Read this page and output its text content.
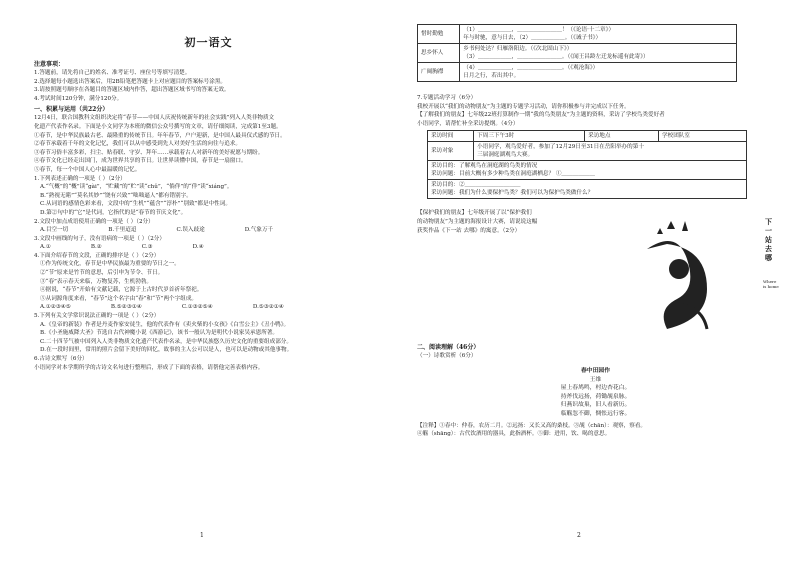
初一语文
注意事项：
1.答题前，请先将自己的姓名、准考证号、座位号等填写清楚。
2.选择题每小题选出答案后，用2B铅笔把答题卡上对应题目的答案标号涂黑。
3.请按照题号顺序在各题目的答题区域内作答，超出答题区域书写的答案无效。
4.考试时间120分钟，满分120分。
一、积累与运用（共22分）
12月4日，联合国教科文组织决定将“春节——中国人庆祝传统新年的社会实践”列入人类非物质文
化遗产代表作名录。下面是小文同学为本班的微信公众号撰写的文章，请仔细阅读，完成第1至3题。
①春节，是中华民族最古老、最隆重的传统节日。年年春节，户户迎新，是中国人最具仪式感的节日。
②春节承载着千年的文化记忆，我们可以从中感受到先人对美好生活的向往与追求。
③春节习俗丰富多彩，扫尘、贴春联、守岁、拜年……承载着古人对新年的美好祝愿与期盼。
④春节文化已经走出国门，成为世界共享的节日。让世界读懂中国，春节是一扇窗口。
⑤春节，每一个中国人心中最温暖的记忆。
1.下列表述正确的一项是（ ）（2分）
A.“气概”的“概”读“gài”，“贮藏”的“贮”读“chǔ”，“倘佯”的“佯”读“xiáng”。
B.“熟视无睹”“莫名其妙”“饶有兴致”“咄咄逼人”都有错别字。
C.从词语的感情色彩来看，文段中的“生机”“蕴含”“淳朴”“别致”都是中性词。
D.第②句中的“它”是代词，它指代的是“春节的节庆文化”。
2.文段中加点成语使用正确的一项是（ ）（2分）
A.目空一切	B.千里迢迢	C.误入歧途	D.气象万千
3.文段中画线的句子，没有语病的一项是（ ）（2分）
A.①	B.②	C.③	D.④
4.下面介绍春节的文段，正确的排序是（ ）（2分）
①作为传统文化，春节是中华民族最为重要的节日之一。
②“节”原来是竹节的意思，后引申为节令、节日。
③“春”表示春天来临，万物复苏，生机勃勃。
④据说，“春节”开始有文献记载，它源于上古时代岁首祈年祭祀。
⑤从词源角度来看，“春节”这个名字由“春”和“节”两个字组成。
A.①②③④⑤	B.⑤②③①④	C.①③②⑤④	D.⑤③②①④
5.下列有关文学常识说法正确的一项是（ ）（2分）
A.《皇帝的新装》作者是丹麦作家安徒生，他的代表作有《卖火柴的小女孩》《白雪公主》《丑小鸭》。
B.《小圣施威降大圣》节选自古代神魔小说《西游记》，该书一般认为是明代小说家吴承恩所著。
C.二十四节气被中国列入人类非物质文化遗产代表作名录，是中华民族悠久历史文化的重要组成部分。
D.在一段时间里，常用的照片会留下美好的回忆，故事的主人公可以是人，也可以是动物或其他事物。
6.古诗文默写（6分）
小语同学对本学期所学的古诗文名句进行整理后，形成了下面的表格，请帮他完善表格内容。
1
惜时勤勉	（1）＿＿＿＿＿＿，＿＿＿＿＿＿＿＿！（《论语·十二章》）
年与时驰，意与日去，（2）＿＿＿＿＿＿。（《诫子书》）

思乡怀人	乡书何处达？归雁洛阳边。（《次北固山下》）
（3）＿＿＿＿＿＿，＿＿＿＿＿＿＿＿。（《闻王昌龄左迁龙标遥有此寄》）

广阔胸襟	（4）＿＿＿＿＿＿，＿＿＿＿＿＿＿＿。（《观沧海》）
日月之行，若出其中。
7.专题活动学习（6分）
我校开展以“我们的动物朋友”为主题的专题学习活动，请你积极参与并完成以下任务。
【了解我们的朋友】七年级22班打算制作一期“我的鸟类朋友”为主题的资料，采访了学校鸟类爱好者
小语同学，请帮忙补全采访提纲。（4分）
采访时间	下周三下午3时	采访地点	学校团队室
采访对象	小语同学，观鸟爱好者，参加了12月29日至31日在岳阳举办的第十
三届洞庭湖观鸟大赛。		

采访目的：了解观鸟在洞庭湖的鸟类的情况
采访问题：目前大概有多少种鸟类在洞庭湖栖息？ ①＿＿＿＿＿＿			

采访目的：②＿＿＿＿＿＿＿＿＿＿
采访问题：我们为什么要保护鸟类？我们可以为保护鸟类做什么？			
【保护我们的朋友】七年级开展了以“保护我们
的动物朋友”为主题的海报设计大赛，请说说这幅
获奖作品《下一站 去哪》的寓意。（2分）
下一站 去哪
Where is home
二、阅读理解（46分）
（一）诗歌赏析（6分）
春中田园作
王维
屋上春鸠鸣，村边杏花白。
持斧伐远扬，荷锄觇泉脉。
归燕识故巢，旧人看新历。
临觞忽不御，惆怅远行客。
【注释】①春中：仲春，农历二月。②远扬：又长又高的桑枝。③觇（chān）：观察，察看。
④觞（shāng）：古代饮酒用的器具，此指酒杯。⑤御：进用，饮、喝的意思。
2
